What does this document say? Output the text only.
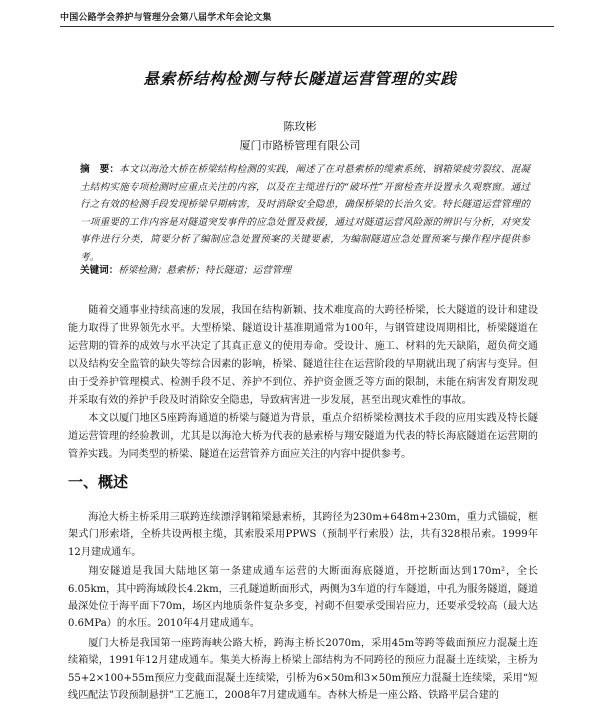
中国公路学会养护与管理分会第八届学术年会论文集
悬索桥结构检测与特长隧道运营管理的实践
陈玫彬
厦门市路桥管理有限公司
摘　要：本文以海沧大桥在桥梁结构检测的实践，阐述了在对悬索桥的缆索系统、钢箱梁疲劳裂纹、混凝土结构实施专项检测时应重点关注的内容，以及在主缆进行的“破坏性”开窗检查并设置永久观察窗。通过行之有效的检测手段发现桥梁早期病害，及时消除安全隐患，确保桥梁的长治久安。特长隧道运营管理的一项重要的工作内容是对隧道突发事件的应急处置及救援，通过对隧道运营风险源的辨识与分析，对突发事件进行分类，简要分析了编制应急处置预案的关键要素，为编制隧道应急处置预案与操作程序提供参考。
关键词：桥梁检测；悬索桥；特长隧道；运营管理

随着交通事业持续高速的发展，我国在结构新颖、技术难度高的大跨径桥梁，长大隧道的设计和建设能力取得了世界领先水平。大型桥梁、隧道设计基准期通常为100年，与钢管建设周期相比，桥梁隧道在运营期的管养的成效与水平决定了其真正意义的使用寿命。受设计、施工、材料的先天缺陷，超负荷交通以及结构安全监管的缺失等综合因素的影响，桥梁、隧道往往在运营阶段的早期就出现了病害与变异。但由于受养护管理模式、检测手段不足、养护不到位、养护资金匮乏等方面的限制，未能在病害发育期发现并采取有效的养护手段及时消除安全隐患，导致病害进一步发展，甚至出现灾难性的事故。

本文以厦门地区5座跨海通道的桥梁与隧道为背景，重点介绍桥梁检测技术手段的应用实践及特长隧道运营管理的经验教训，尤其是以海沧大桥为代表的悬索桥与翔安隧道为代表的特长海底隧道在运营期的管养实践。为同类型的桥梁、隧道在运营管养方面应关注的内容中提供参考。

一、概述

海沧大桥主桥采用三联跨连续漂浮钢箱梁悬索桥，其跨径为230m+648m+230m，重力式锚碇，框架式门形索塔，全桥共设两根主缆，其索股采用PPWS（预制平行索股）法，共有328根吊索。1999年12月建成通车。

翔安隧道是我国大陆地区第一条建成通车运营的大断面海底隧道，开挖断面达到170m²，全长6.05km，其中跨海域段长4.2km，三孔隧道断面形式，两侧为3车道的行车隧道，中孔为服务隧道，隧道最深处位于海平面下70m，场区内地质条件复杂多变，衬砌不但要承受围岩应力，还要承受较高（最大达0.6MPa）的水压。2010年4月建成通车。

厦门大桥是我国第一座跨海峡公路大桥，跨海主桥长2070m，采用45m等跨等截面预应力混凝土连续箱梁，1991年12月建成通车。集美大桥海上桥梁上部结构为不同跨径的预应力混凝土连续梁，主桥为55+2×100+55m预应力变截面混凝土连续梁，引桥为6×50m和3×50m预应力混凝土连续梁，采用“短线匹配法节段预制悬拼”工艺施工，2008年7月建成通车。杏林大桥是一座公路、铁路平层合建的
